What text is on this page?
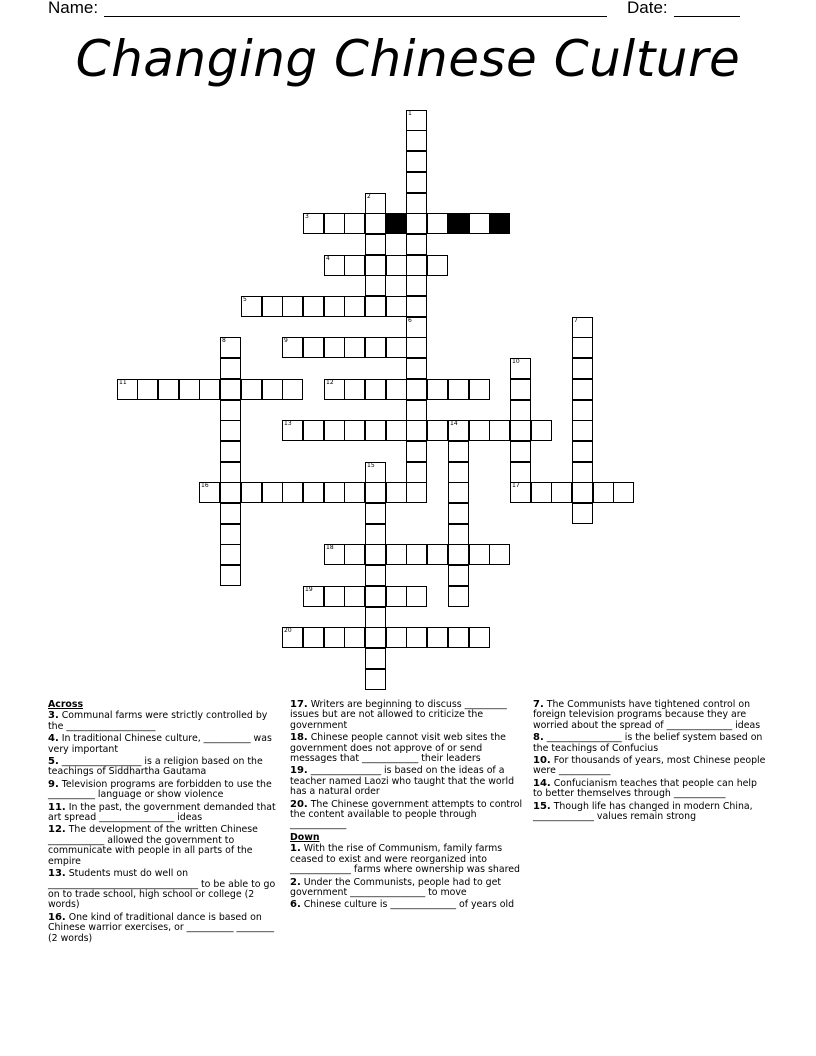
Name:	Date:
Changing Chinese Culture
1
6
2
3
4
5
7
8	9
10
17
11	12
13	14
15
16
18
19
20
Across
3. Communal farms were strictly controlled by the ___________________
4. In traditional Chinese culture, __________ was very important
5. _________________ is a religion based on the teachings of Siddhartha Gautama
9. Television programs are forbidden to use the __________ language or show violence
11. In the past, the government demanded that art spread ________________ ideas
12. The development of the written Chinese ____________ allowed the government to communicate with people in all parts of the empire
13. Students must do well on ________________________________ to be able to go on to trade school, high school or college (2 words)
16. One kind of traditional dance is based on Chinese warrior exercises, or __________ ________ (2 words)
17. Writers are beginning to discuss _________ issues but are not allowed to criticize the government
18. Chinese people cannot visit web sites the government does not approve of or send messages that ____________ their leaders
19. _______________ is based on the ideas of a teacher named Laozi who taught that the world has a natural order
20. The Chinese government attempts to control the content available to people through ____________
Down
1. With the rise of Communism, family farms ceased to exist and were reorganized into _____________ farms where ownership was shared
2. Under the Communists, people had to get government ________________ to move
6. Chinese culture is ______________ of years old
7. The Communists have tightened control on foreign television programs because they are worried about the spread of ______________ ideas
8. ________________ is the belief system based on the teachings of Confucius
10. For thousands of years, most Chinese people were ___________
14. Confucianism teaches that people can help to better themselves through ___________
15. Though life has changed in modern China, _____________ values remain strong
